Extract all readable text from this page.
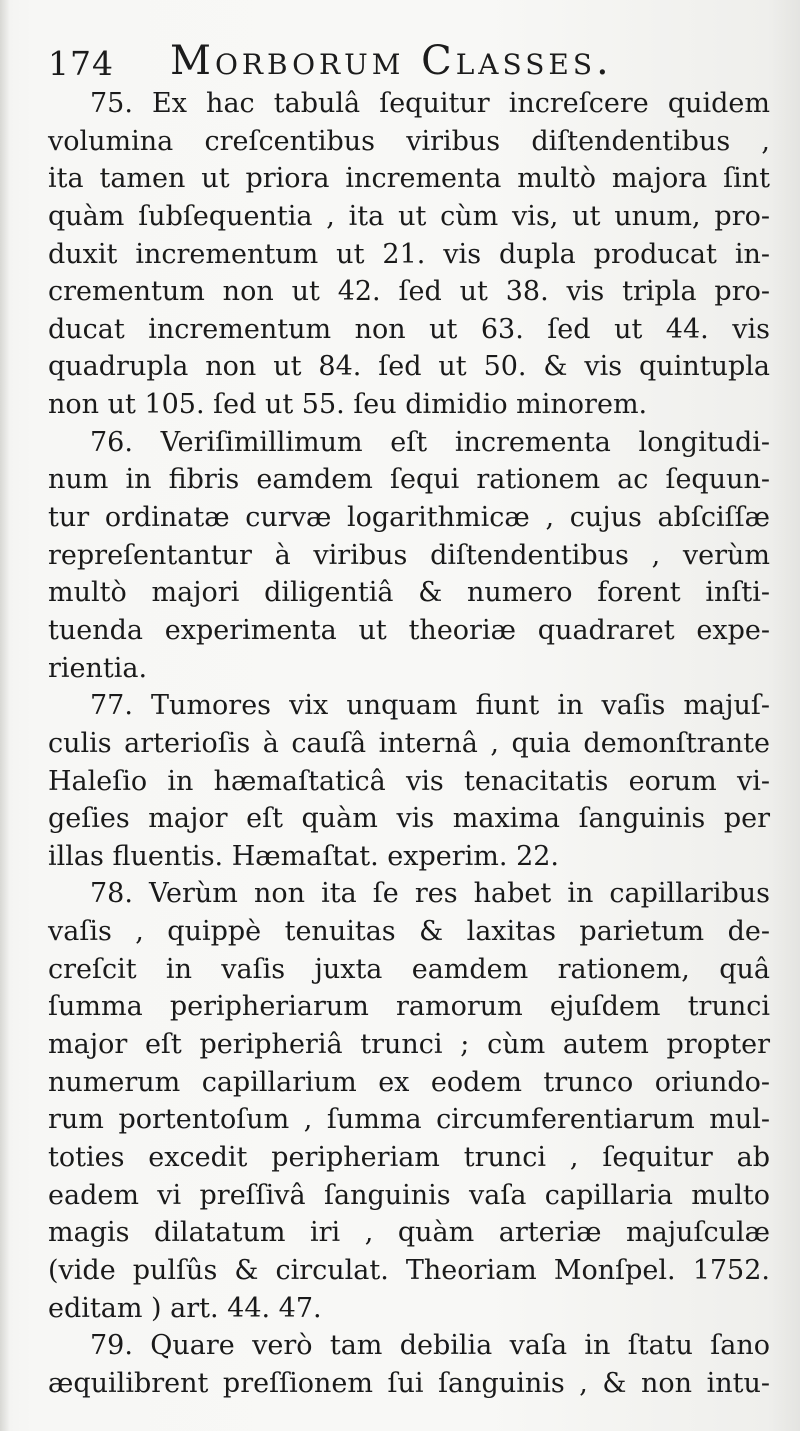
174 Morborum Classes.
75. Ex hac tabulâ ſequitur increſcere quidem
volumina creſcentibus viribus diſtendentibus ,
ita tamen ut priora incrementa multò majora ſint
quàm ſubſequentia , ita ut cùm vis, ut unum, pro-
duxit incrementum ut 21. vis dupla producat in-
crementum non ut 42. ſed ut 38. vis tripla pro-
ducat incrementum non ut 63. ſed ut 44. vis
quadrupla non ut 84. ſed ut 50. & vis quintupla
non ut 105. ſed ut 55. ſeu dimidio minorem.
76. Veriſimillimum eſt incrementa longitudi-
num in fibris eamdem ſequi rationem ac ſequun-
tur ordinatæ curvæ logarithmicæ , cujus abſciſſæ
repreſentantur à viribus diſtendentibus , verùm
multò majori diligentiâ & numero forent inſti-
tuenda experimenta ut theoriæ quadraret expe-
rientia.
77. Tumores vix unquam fiunt in vaſis majuſ-
culis arterioſis à cauſâ internâ , quia demonſtrante
Haleſio in hæmaſtaticâ vis tenacitatis eorum vi-
geſies major eſt quàm vis maxima ſanguinis per
illas fluentis. Hæmaſtat. experim. 22.
78. Verùm non ita ſe res habet in capillaribus
vaſis , quippè tenuitas & laxitas parietum de-
creſcit in vaſis juxta eamdem rationem, quâ
ſumma peripheriarum ramorum ejuſdem trunci
major eſt peripheriâ trunci ; cùm autem propter
numerum capillarium ex eodem trunco oriundo-
rum portentoſum , ſumma circumferentiarum mul-
toties excedit peripheriam trunci , ſequitur ab
eadem vi preſſivâ ſanguinis vaſa capillaria multo
magis dilatatum iri , quàm arteriæ majuſculæ
(vide pulſûs & circulat. Theoriam Monſpel. 1752.
editam ) art. 44. 47.
79. Quare verò tam debilia vaſa in ſtatu ſano
æquilibrent preſſionem ſui ſanguinis , & non intu-
